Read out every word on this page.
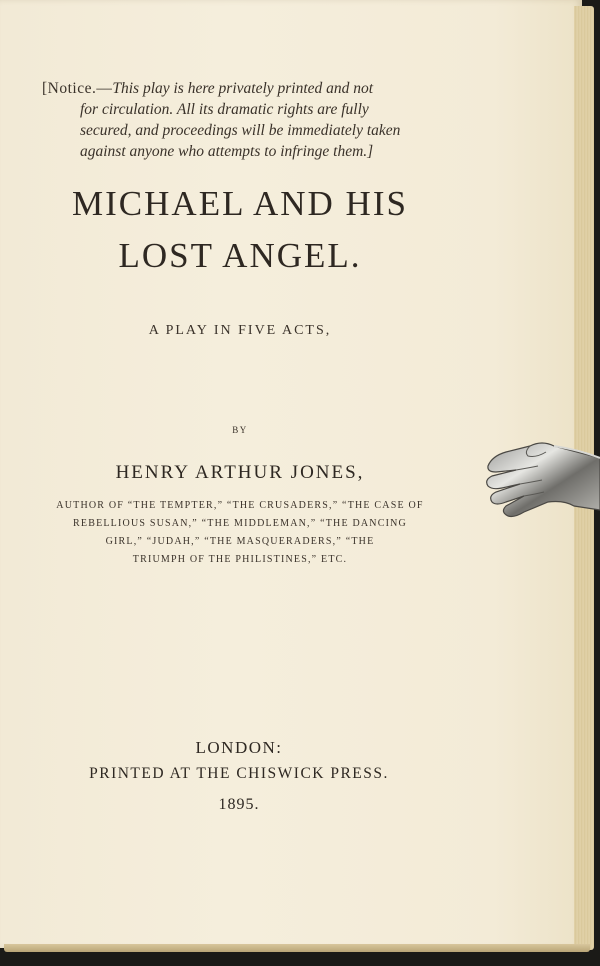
[Notice.—This play is here privately printed and not
for circulation. All its dramatic rights are fully
secured, and proceedings will be immediately taken
against anyone who attempts to infringe them.]
MICHAEL AND HIS
LOST ANGEL.
A PLAY IN FIVE ACTS,
BY
HENRY ARTHUR JONES,
AUTHOR OF “THE TEMPTER,” “THE CRUSADERS,” “THE CASE OF
REBELLIOUS SUSAN,” “THE MIDDLEMAN,” “THE DANCING
GIRL,” “JUDAH,” “THE MASQUERADERS,” “THE
TRIUMPH OF THE PHILISTINES,” ETC.
LONDON:
PRINTED AT THE CHISWICK PRESS.
1895.
